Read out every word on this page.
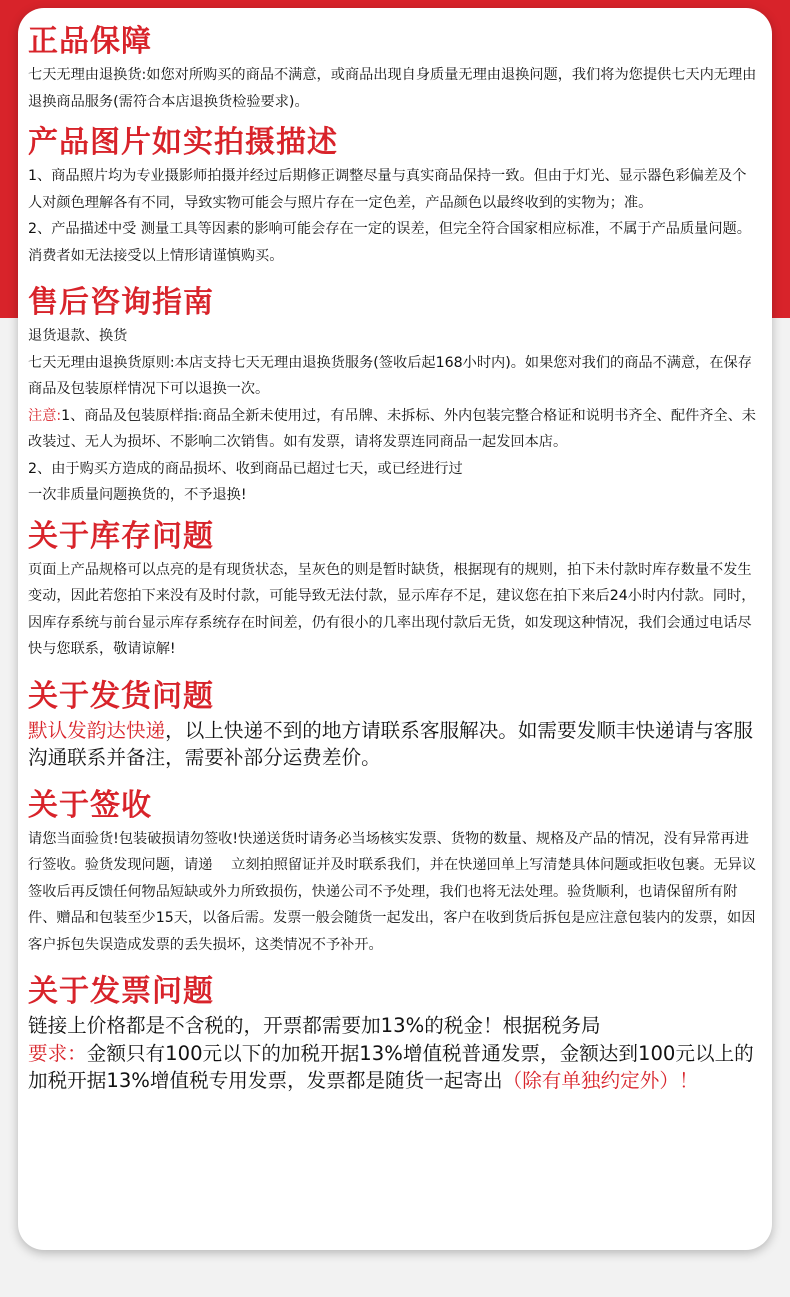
正品保障

七天无理由退换货:如您对所购买的商品不满意，或商品出现自身质量无理由退换问题，我们将为您提供七天内无理由退换商品服务(需符合本店退换货检验要求)。

产品图片如实拍摄描述

1、商品照片均为专业摄影师拍摄并经过后期修正调整尽量与真实商品保持一致。但由于灯光、显示器色彩偏差及个人对颜色理解各有不同，导致实物可能会与照片存在一定色差，产品颜色以最终收到的实物为；准。

2、产品描述中受 测量工具等因素的影响可能会存在一定的误差，但完全符合国家相应标准，不属于产品质量问题。消费者如无法接受以上情形请谨慎购买。

售后咨询指南

退货退款、换货

七天无理由退换货原则:本店支持七天无理由退换货服务(签收后起168小时内)。如果您对我们的商品不满意，在保存商品及包装原样情况下可以退换一次。

注意:1、商品及包装原样指:商品全新未使用过，有吊牌、未拆标、外内包装完整合格证和说明书齐全、配件齐全、未改装过、无人为损坏、不影响二次销售。如有发票，请将发票连同商品一起发回本店。

2、由于购买方造成的商品损坏、收到商品已超过七天，或已经进行过

一次非质量问题换货的，不予退换!

关于库存问题

页面上产品规格可以点亮的是有现货状态，呈灰色的则是暂时缺货，根据现有的规则，拍下未付款时库存数量不发生变动，因此若您拍下来没有及时付款，可能导致无法付款，显示库存不足，建议您在拍下来后24小时内付款。同时，因库存系统与前台显示库存系统存在时间差，仍有很小的几率出现付款后无货，如发现这种情况，我们会通过电话尽快与您联系，敬请谅解!

关于发货问题

默认发韵达快递，以上快递不到的地方请联系客服解决。如需要发顺丰快递请与客服沟通联系并备注，需要补部分运费差价。

关于签收

请您当面验货!包装破损请勿签收!快递送货时请务必当场核实发票、货物的数量、规格及产品的情况，没有异常再进行签收。验货发现问题，请递　 立刻拍照留证并及时联系我们，并在快递回单上写清楚具体问题或拒收包裹。无异议签收后再反馈任何物品短缺或外力所致损伤，快递公司不予处理，我们也将无法处理。验货顺利，也请保留所有附件、赠品和包装至少15天，以备后需。发票一般会随货一起发出，客户在收到货后拆包是应注意包装内的发票，如因客户拆包失误造成发票的丢失损坏，这类情况不予补开。

关于发票问题

链接上价格都是不含税的，开票都需要加13%的税金！根据税务局

要求：金额只有100元以下的加税开据13%增值税普通发票，金额达到100元以上的加税开据13%增值税专用发票，发票都是随货一起寄出（除有单独约定外）！
